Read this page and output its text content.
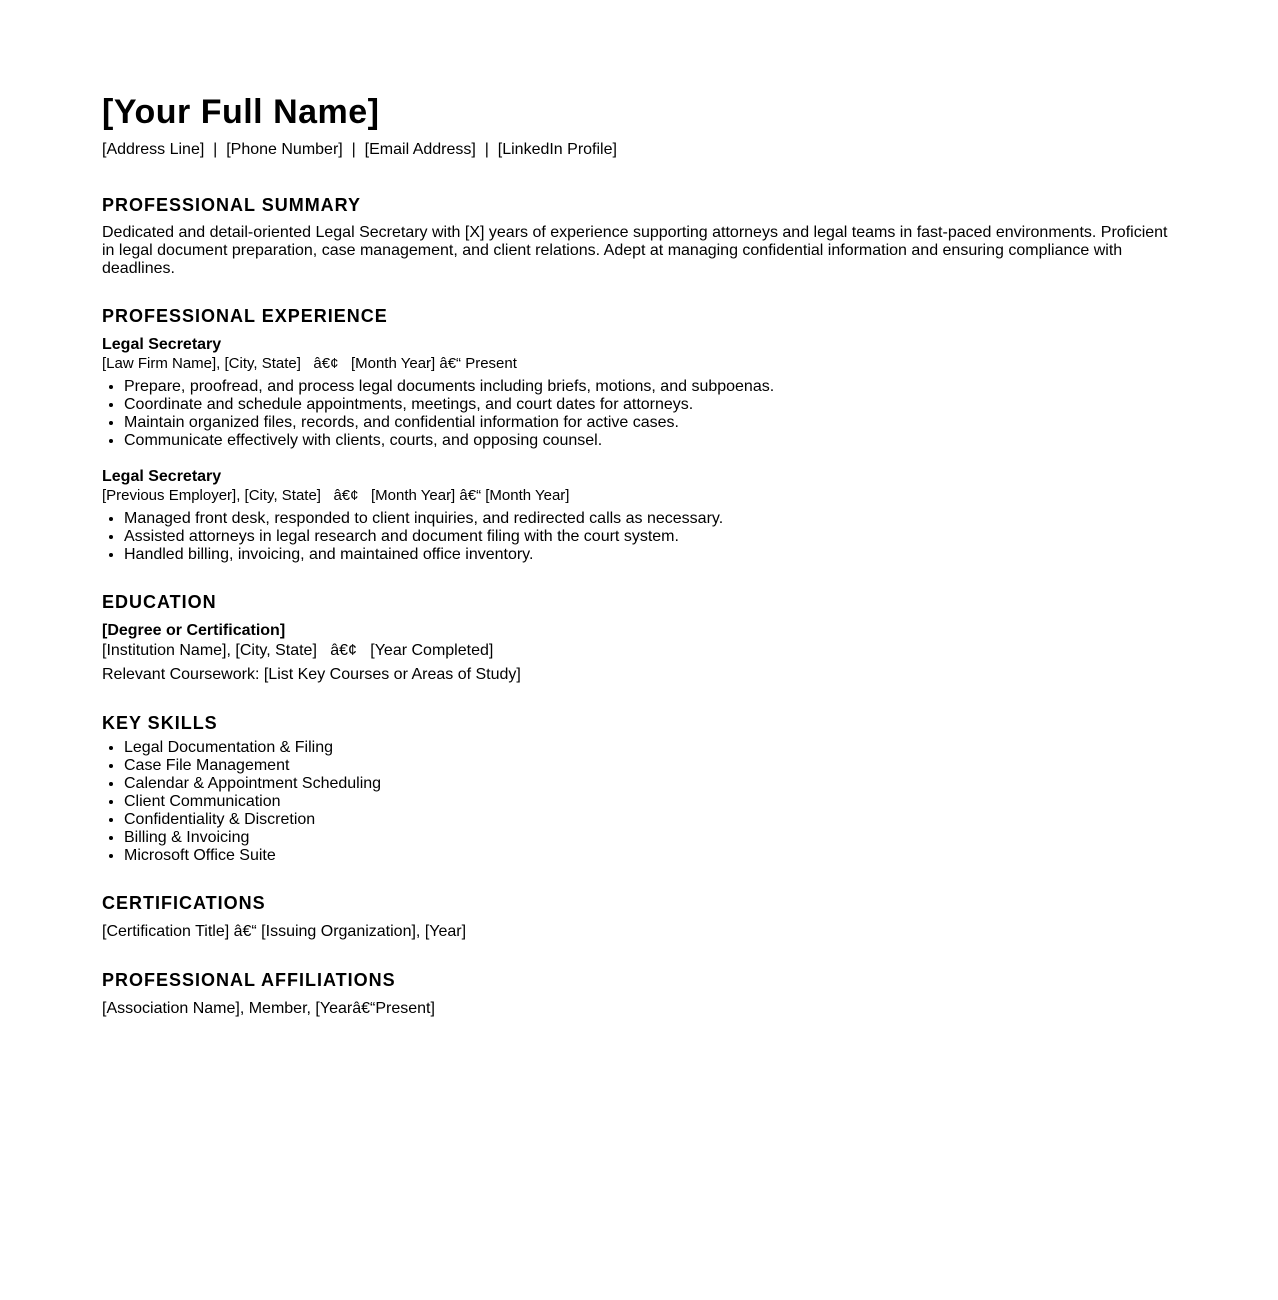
[Your Full Name]
[Address Line]  |  [Phone Number]  |  [Email Address]  |  [LinkedIn Profile]
PROFESSIONAL SUMMARY
Dedicated and detail-oriented Legal Secretary with [X] years of experience supporting attorneys and legal teams in fast-paced environments. Proficient in legal document preparation, case management, and client relations. Adept at managing confidential information and ensuring compliance with deadlines.
PROFESSIONAL EXPERIENCE
Legal Secretary
[Law Firm Name], [City, State]   â€¢   [Month Year] â€“ Present
• Prepare, proofread, and process legal documents including briefs, motions, and subpoenas.
• Coordinate and schedule appointments, meetings, and court dates for attorneys.
• Maintain organized files, records, and confidential information for active cases.
• Communicate effectively with clients, courts, and opposing counsel.
Legal Secretary
[Previous Employer], [City, State]   â€¢   [Month Year] â€“ [Month Year]
• Managed front desk, responded to client inquiries, and redirected calls as necessary.
• Assisted attorneys in legal research and document filing with the court system.
• Handled billing, invoicing, and maintained office inventory.
EDUCATION
[Degree or Certification]
[Institution Name], [City, State]   â€¢   [Year Completed]
Relevant Coursework: [List Key Courses or Areas of Study]
KEY SKILLS
• Legal Documentation & Filing
• Case File Management
• Calendar & Appointment Scheduling
• Client Communication
• Confidentiality & Discretion
• Billing & Invoicing
• Microsoft Office Suite
CERTIFICATIONS
[Certification Title] â€“ [Issuing Organization], [Year]
PROFESSIONAL AFFILIATIONS
[Association Name], Member, [Yearâ€“Present]
